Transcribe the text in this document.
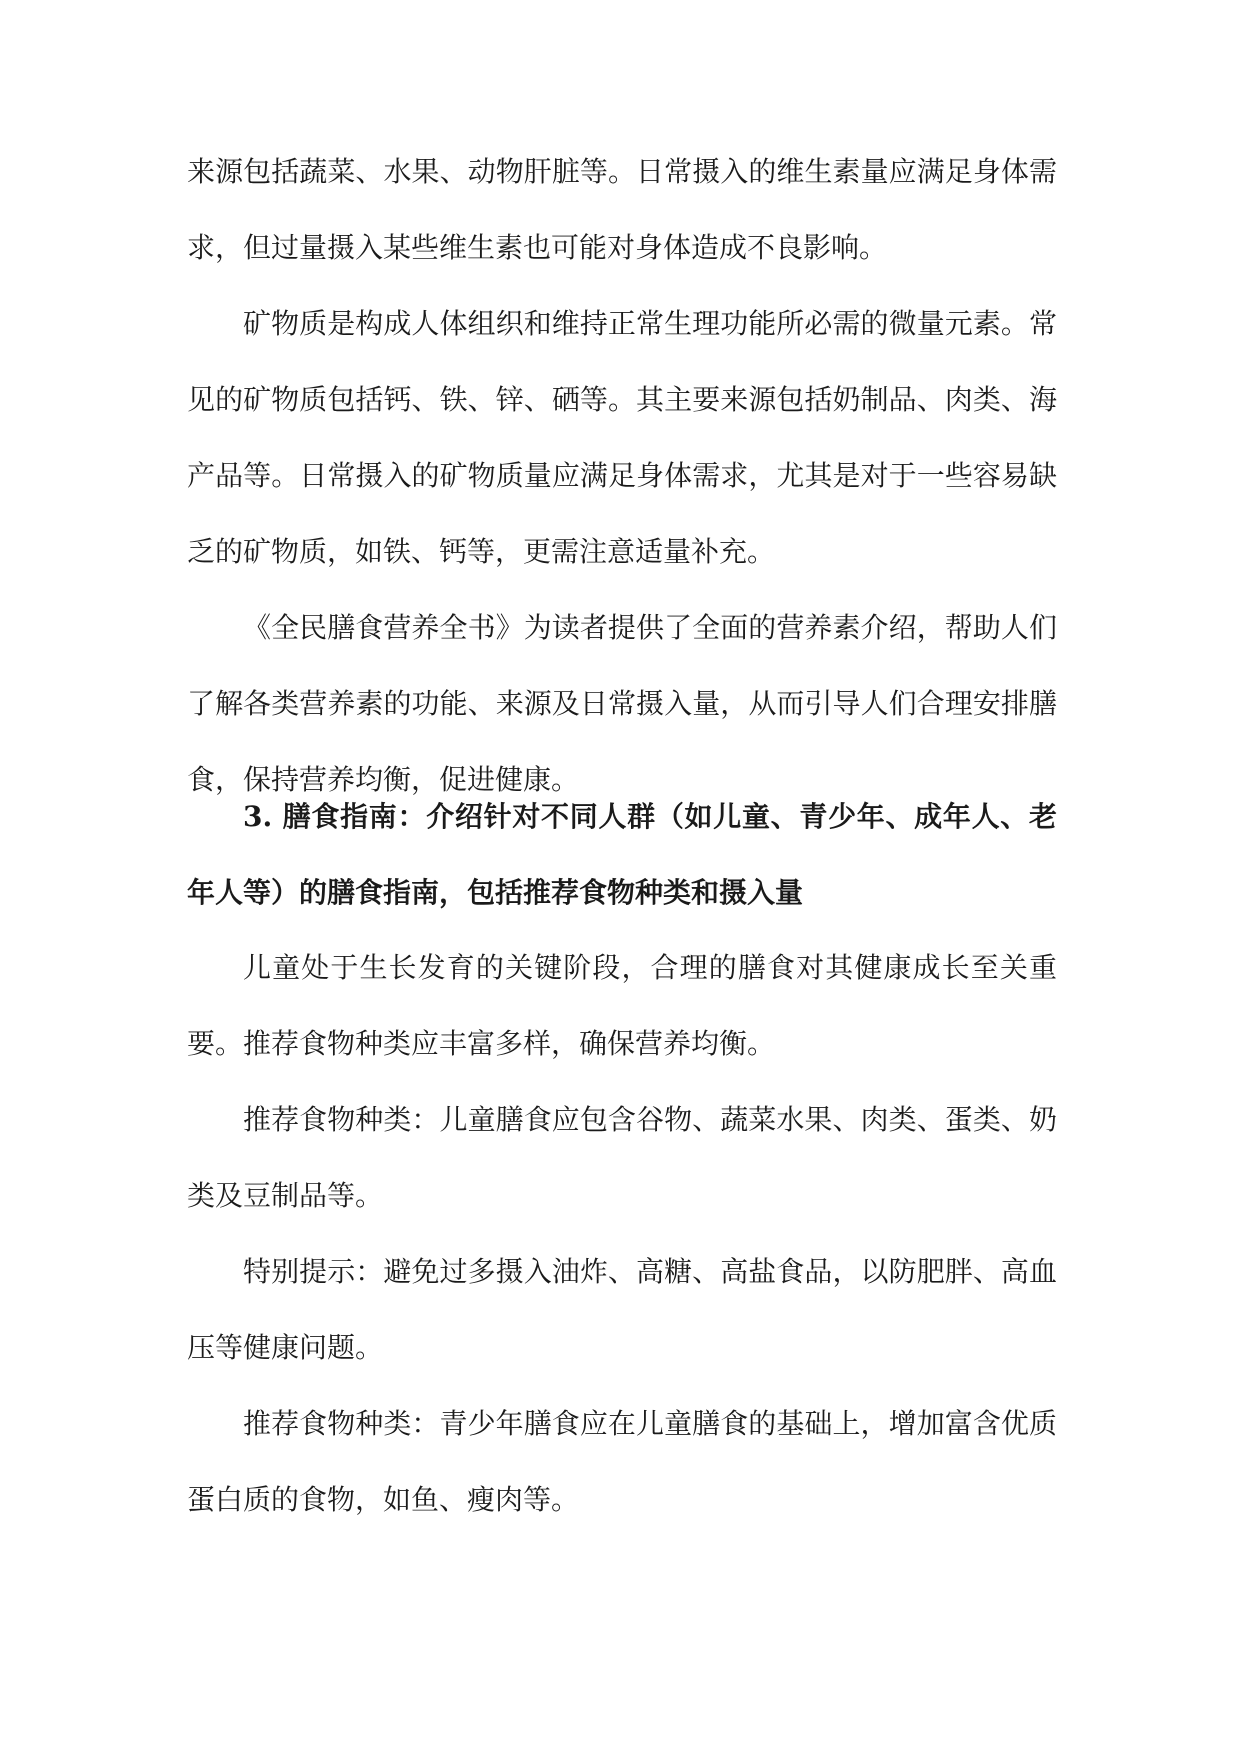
来源包括蔬菜、水果、动物肝脏等。日常摄入的维生素量应满足身体需求，但过量摄入某些维生素也可能对身体造成不良影响。

矿物质是构成人体组织和维持正常生理功能所必需的微量元素。常见的矿物质包括钙、铁、锌、硒等。其主要来源包括奶制品、肉类、海产品等。日常摄入的矿物质量应满足身体需求，尤其是对于一些容易缺乏的矿物质，如铁、钙等，更需注意适量补充。

《全民膳食营养全书》为读者提供了全面的营养素介绍，帮助人们了解各类营养素的功能、来源及日常摄入量，从而引导人们合理安排膳食，保持营养均衡，促进健康。

3. 膳食指南：介绍针对不同人群（如儿童、青少年、成年人、老年人等）的膳食指南，包括推荐食物种类和摄入量

儿童处于生长发育的关键阶段，合理的膳食对其健康成长至关重要。推荐食物种类应丰富多样，确保营养均衡。

推荐食物种类：儿童膳食应包含谷物、蔬菜水果、肉类、蛋类、奶类及豆制品等。

特别提示：避免过多摄入油炸、高糖、高盐食品，以防肥胖、高血压等健康问题。

推荐食物种类：青少年膳食应在儿童膳食的基础上，增加富含优质蛋白质的食物，如鱼、瘦肉等。
